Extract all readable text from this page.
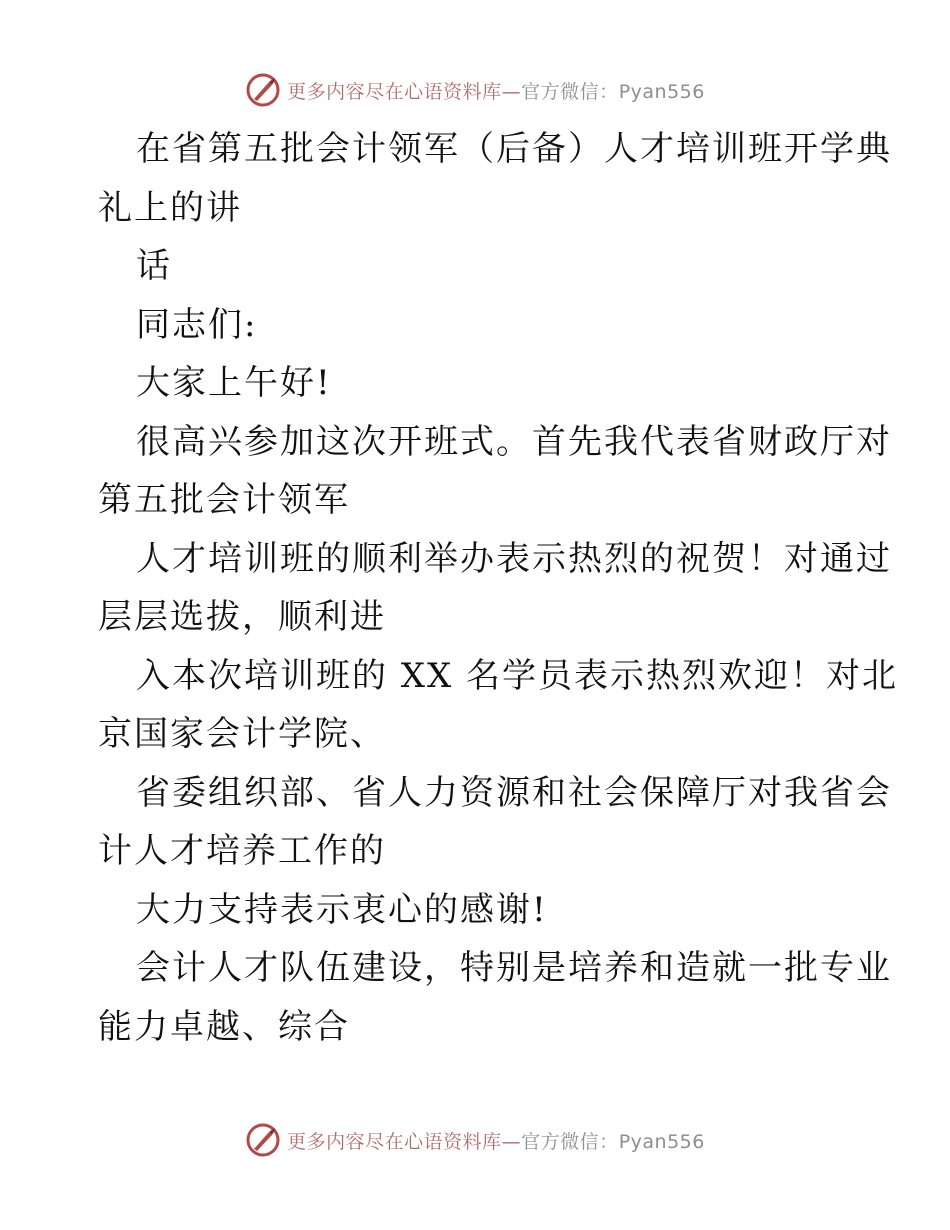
更多内容尽在心语资料库—官方微信：Pyan556
在省第五批会计领军（后备）人才培训班开学典
礼上的讲
话
同志们:
大家上午好!
很高兴参加这次开班式。首先我代表省财政厅对
第五批会计领军
人才培训班的顺利举办表示热烈的祝贺！对通过
层层选拔，顺利进
入本次培训班的 XX 名学员表示热烈欢迎！对北
京国家会计学院、
省委组织部、省人力资源和社会保障厅对我省会
计人才培养工作的
大力支持表示衷心的感谢!
会计人才队伍建设，特别是培养和造就一批专业
能力卓越、综合
更多内容尽在心语资料库—官方微信：Pyan556
